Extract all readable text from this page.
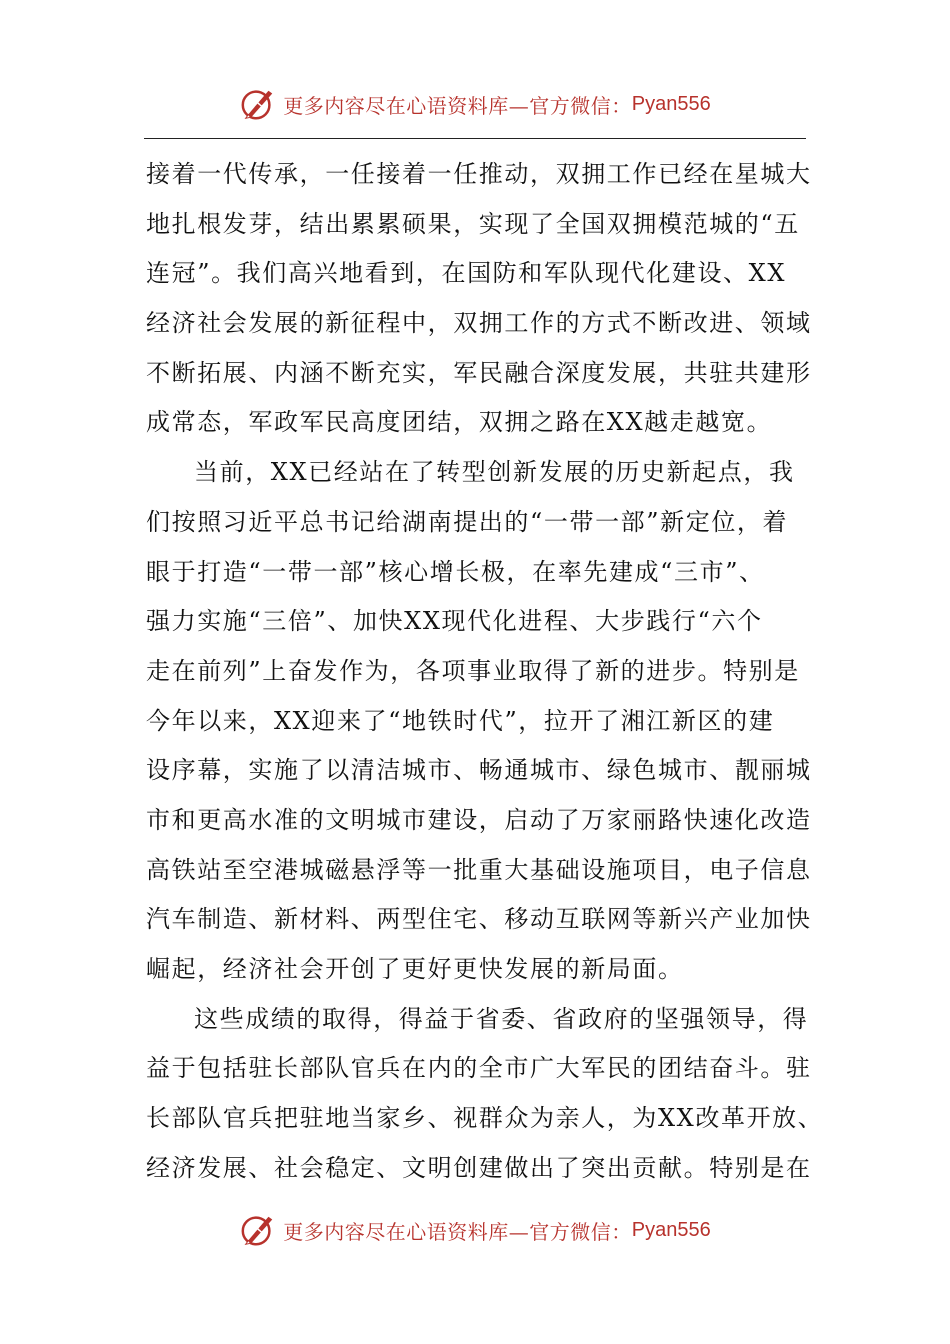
更多内容尽在心语资料库—官方微信： Pyan556

接着一代传承，一任接着一任推动，双拥工作已经在星城大
地扎根发芽，结出累累硕果，实现了全国双拥模范城的“五
连冠”。我们高兴地看到，在国防和军队现代化建设、XX
经济社会发展的新征程中，双拥工作的方式不断改进、领域
不断拓展、内涵不断充实，军民融合深度发展，共驻共建形
成常态，军政军民高度团结，双拥之路在XX越走越宽。

当前，XX已经站在了转型创新发展的历史新起点，我
们按照习近平总书记给湖南提出的“一带一部”新定位，着
眼于打造“一带一部”核心增长极，在率先建成“三市”、
强力实施“三倍”、加快XX现代化进程、大步践行“六个
走在前列”上奋发作为，各项事业取得了新的进步。特别是
今年以来，XX迎来了“地铁时代”，拉开了湘江新区的建
设序幕，实施了以清洁城市、畅通城市、绿色城市、靓丽城
市和更高水准的文明城市建设，启动了万家丽路快速化改造
高铁站至空港城磁悬浮等一批重大基础设施项目，电子信息
汽车制造、新材料、两型住宅、移动互联网等新兴产业加快
崛起，经济社会开创了更好更快发展的新局面。

这些成绩的取得，得益于省委、省政府的坚强领导，得
益于包括驻长部队官兵在内的全市广大军民的团结奋斗。驻
长部队官兵把驻地当家乡、视群众为亲人，为XX改革开放、
经济发展、社会稳定、文明创建做出了突出贡献。特别是在

更多内容尽在心语资料库—官方微信： Pyan556
